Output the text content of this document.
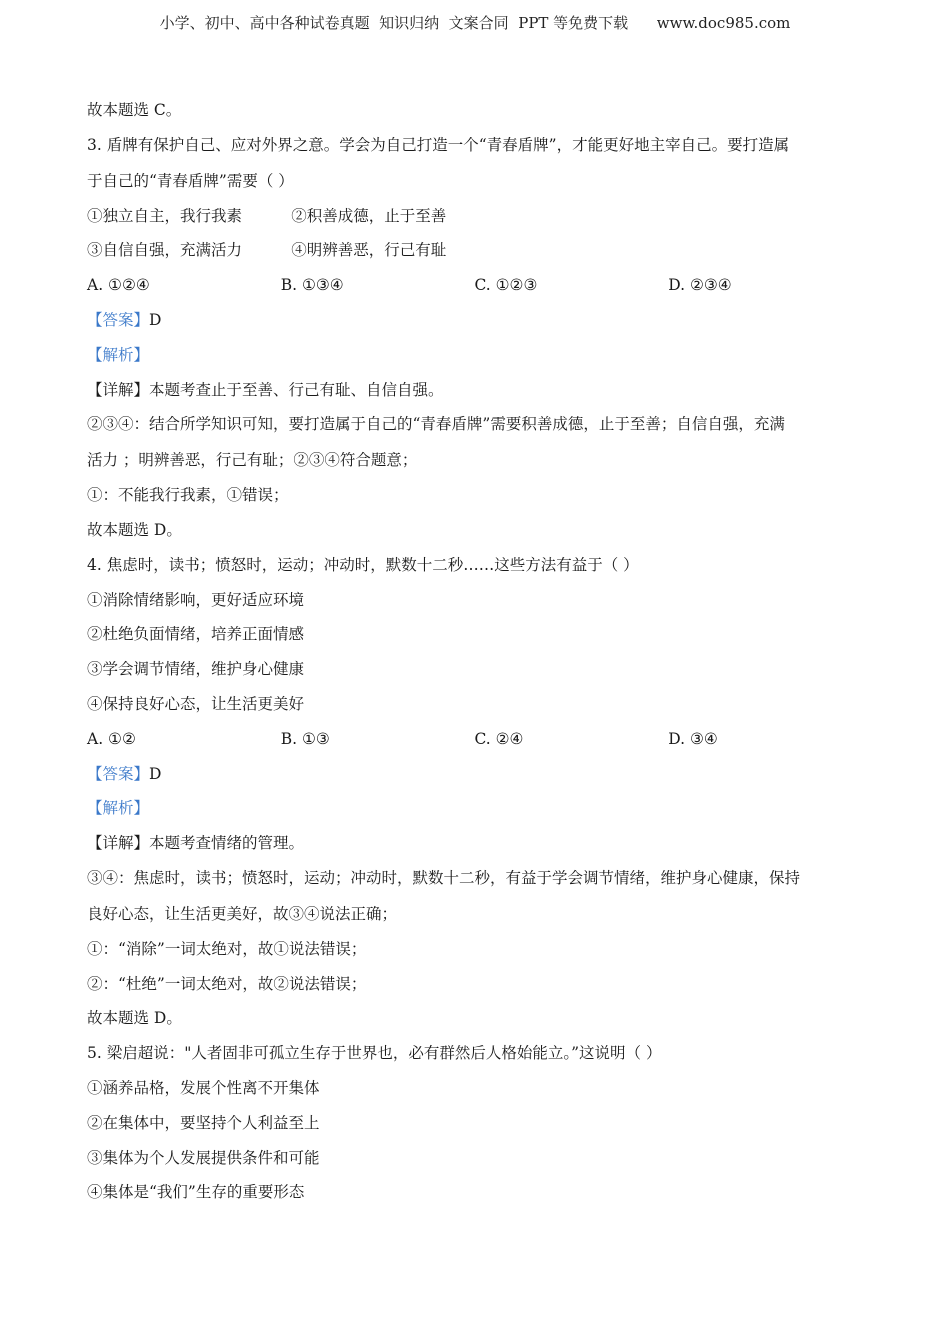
小学、初中、高中各种试卷真题  知识归纳  文案合同  PPT 等免费下载      www.doc985.com
故本题选 C。
3. 盾牌有保护自己、应对外界之意。学会为自己打造一个“青春盾牌”，才能更好地主宰自己。要打造属
于自己的“青春盾牌”需要（ ）
①独立自主，我行我素          ②积善成德，止于至善
③自信自强，充满活力          ④明辨善恶，行己有耻
A. ①②④	B. ①③④	C. ①②③	D. ②③④
【答案】D
【解析】
【详解】本题考查止于至善、行己有耻、自信自强。
②③④：结合所学知识可知，要打造属于自己的“青春盾牌”需要积善成德，止于至善；自信自强，充满
活力 ；明辨善恶，行己有耻；②③④符合题意；
①：不能我行我素，①错误；
故本题选 D。
4. 焦虑时，读书；愤怒时，运动；冲动时，默数十二秒……这些方法有益于（ ）
①消除情绪影响，更好适应环境
②杜绝负面情绪，培养正面情感
③学会调节情绪，维护身心健康
④保持良好心态，让生活更美好
A. ①②	B. ①③	C. ②④	D. ③④
【答案】D
【解析】
【详解】本题考查情绪的管理。
③④：焦虑时，读书；愤怒时，运动；冲动时，默数十二秒，有益于学会调节情绪，维护身心健康，保持
良好心态，让生活更美好，故③④说法正确；
①：“消除”一词太绝对，故①说法错误；
②：“杜绝”一词太绝对，故②说法错误；
故本题选 D。
5. 梁启超说："人者固非可孤立生存于世界也，必有群然后人格始能立。”这说明（ ）
①涵养品格，发展个性离不开集体
②在集体中，要坚持个人利益至上
③集体为个人发展提供条件和可能
④集体是“我们”生存的重要形态
